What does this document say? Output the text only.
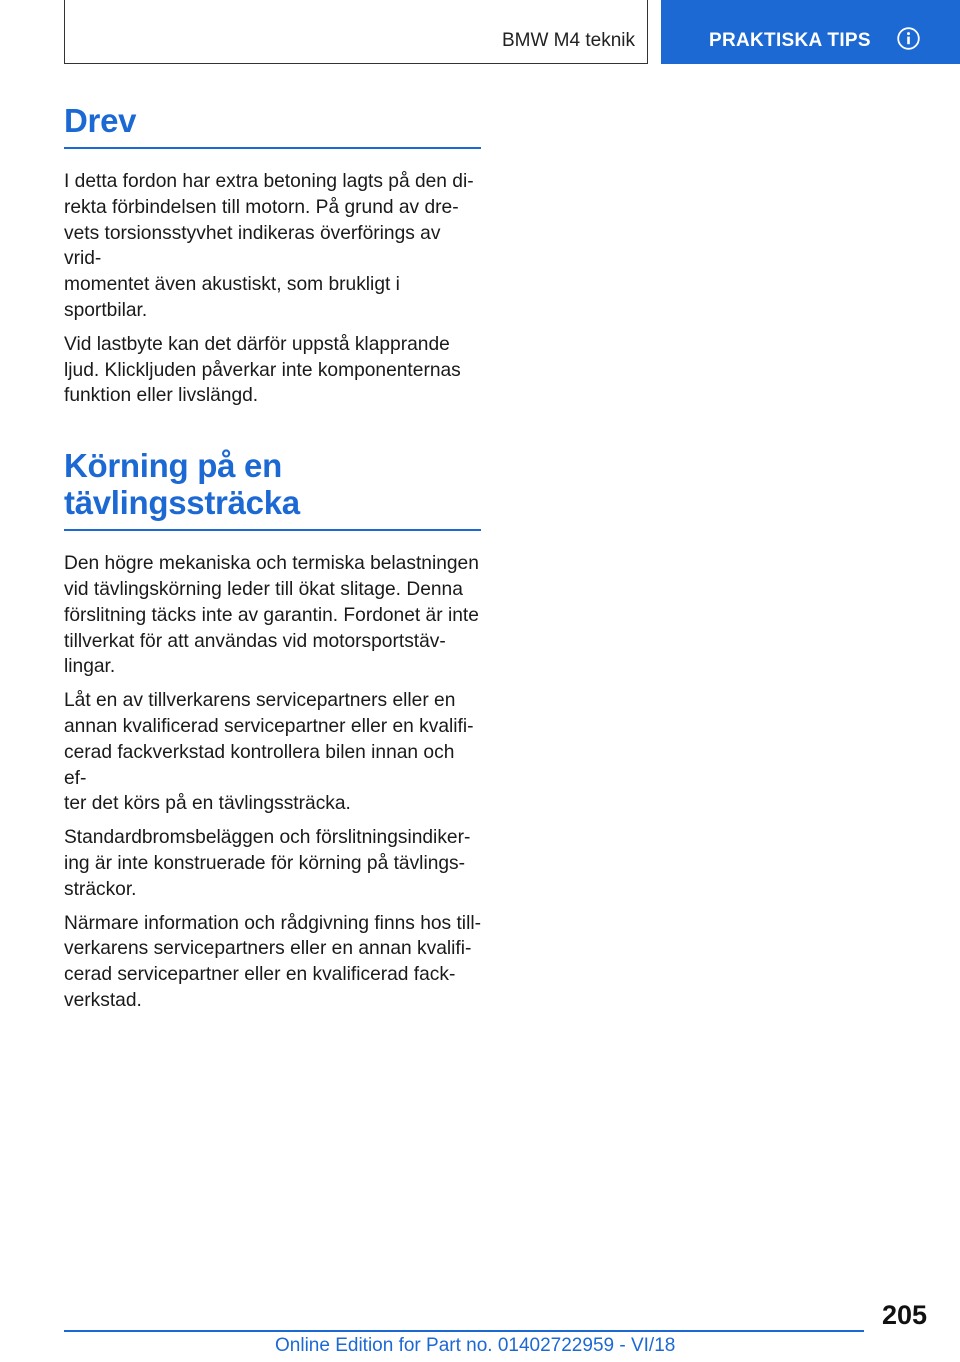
BMW M4 teknik	PRAKTISKA TIPS
Drev

I detta fordon har extra betoning lagts på den di-
rekta förbindelsen till motorn. På grund av dre-
vets torsionsstyvhet indikeras överförings av vrid-
momentet även akustiskt, som brukligt i
sportbilar.

Vid lastbyte kan det därför uppstå klapprande
ljud. Klickljuden påverkar inte komponenternas
funktion eller livslängd.

Körning på en
tävlingssträcka

Den högre mekaniska och termiska belastningen
vid tävlingskörning leder till ökat slitage. Denna
förslitning täcks inte av garantin. Fordonet är inte
tillverkat för att användas vid motorsportstäv-
lingar.

Låt en av tillverkarens servicepartners eller en
annan kvalificerad servicepartner eller en kvalifi-
cerad fackverkstad kontrollera bilen innan och ef-
ter det körs på en tävlingssträcka.

Standardbromsbeläggen och förslitningsindiker-
ing är inte konstruerade för körning på tävlings-
sträckor.

Närmare information och rådgivning finns hos till-
verkarens servicepartners eller en annan kvalifi-
cerad servicepartner eller en kvalificerad fack-
verkstad.

205
Online Edition for Part no. 01402722959 - VI/18
